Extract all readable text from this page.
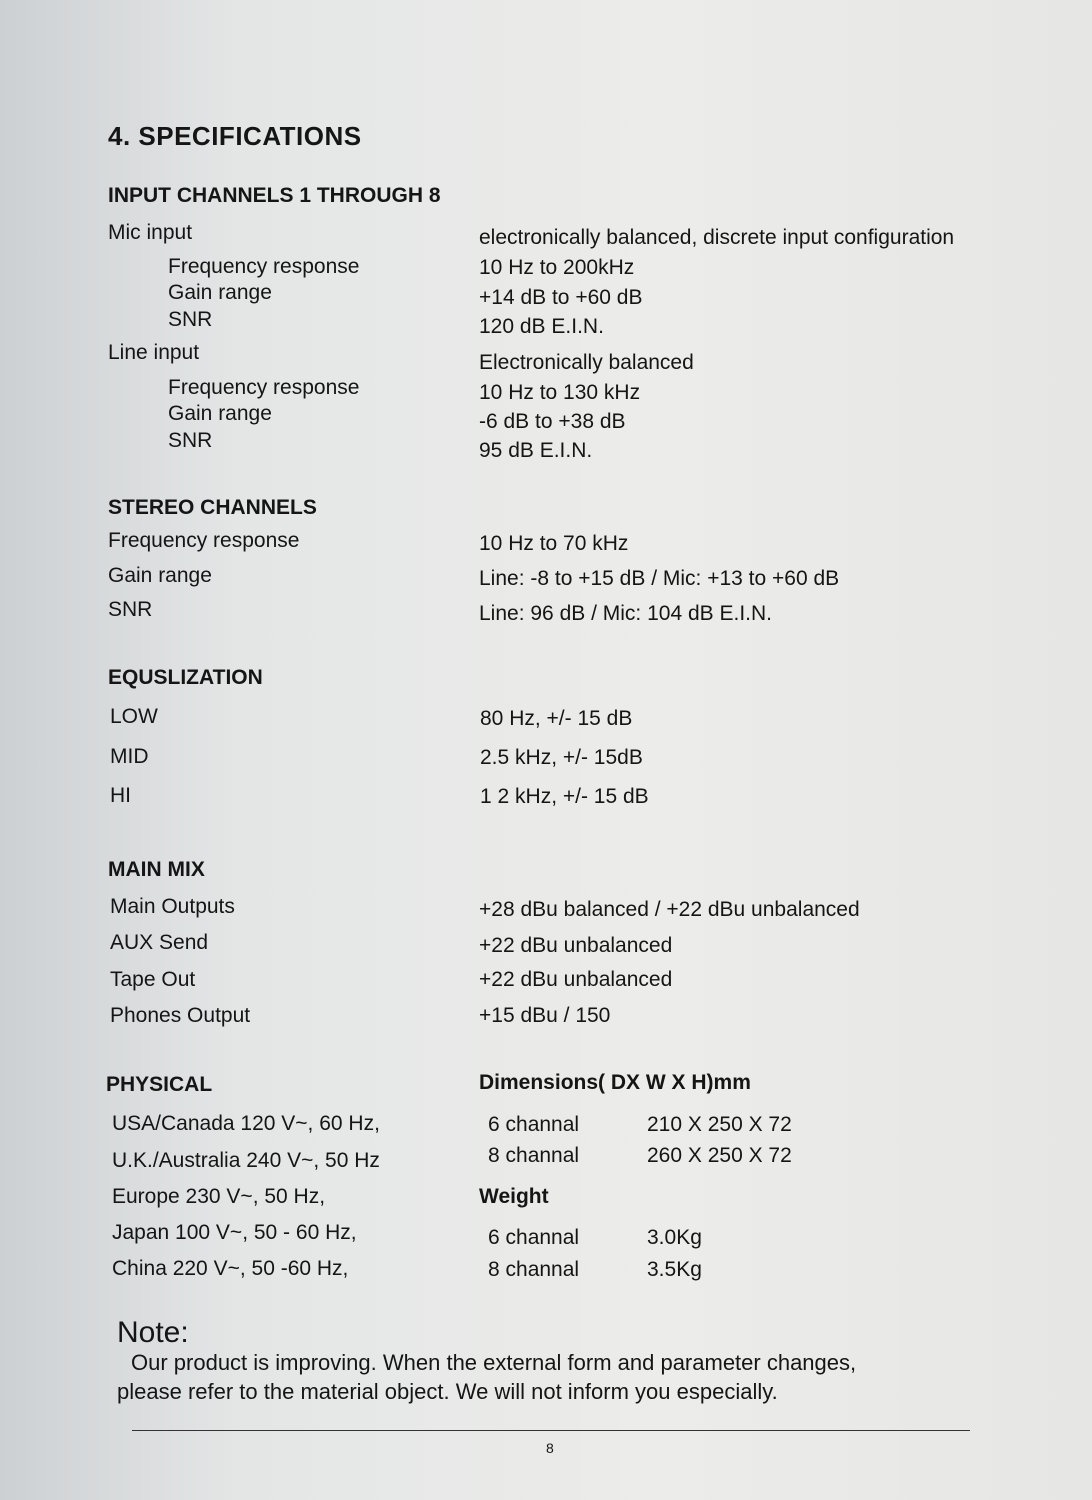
4. SPECIFICATIONS
INPUT CHANNELS 1 THROUGH 8
Mic input	electronically balanced, discrete input configuration
Frequency response	10 Hz to 200kHz
Gain range	+14 dB to +60 dB
SNR	120 dB E.I.N.
Line input	Electronically balanced
Frequency response	10 Hz to 130 kHz
Gain range	-6 dB to +38 dB
SNR	95 dB E.I.N.
STEREO CHANNELS
Frequency response	10 Hz to 70 kHz
Gain range	Line: -8 to +15 dB / Mic: +13 to +60 dB
SNR	Line: 96 dB / Mic: 104 dB E.I.N.
EQUSLIZATION
LOW	80 Hz, +/- 15 dB
MID	2.5 kHz, +/- 15dB
HI	1 2 kHz, +/- 15 dB
MAIN MIX
Main Outputs	+28 dBu balanced / +22 dBu unbalanced
AUX Send	+22 dBu unbalanced
Tape Out	+22 dBu unbalanced
Phones Output	+15 dBu / 150
PHYSICAL
USA/Canada 120 V~, 60 Hz,
U.K./Australia 240 V~, 50 Hz
Europe 230 V~, 50 Hz,
Japan 100 V~, 50 - 60 Hz,
China 220 V~, 50 -60 Hz,
Dimensions( DX W X H)mm
6 channal	210 X 250 X 72
8 channal	260 X 250 X 72
Weight
6 channal	3.0Kg
8 channal	3.5Kg
Note:
Our product is improving. When the external form and parameter changes,
please refer to the material object. We will not inform you especially.
8
